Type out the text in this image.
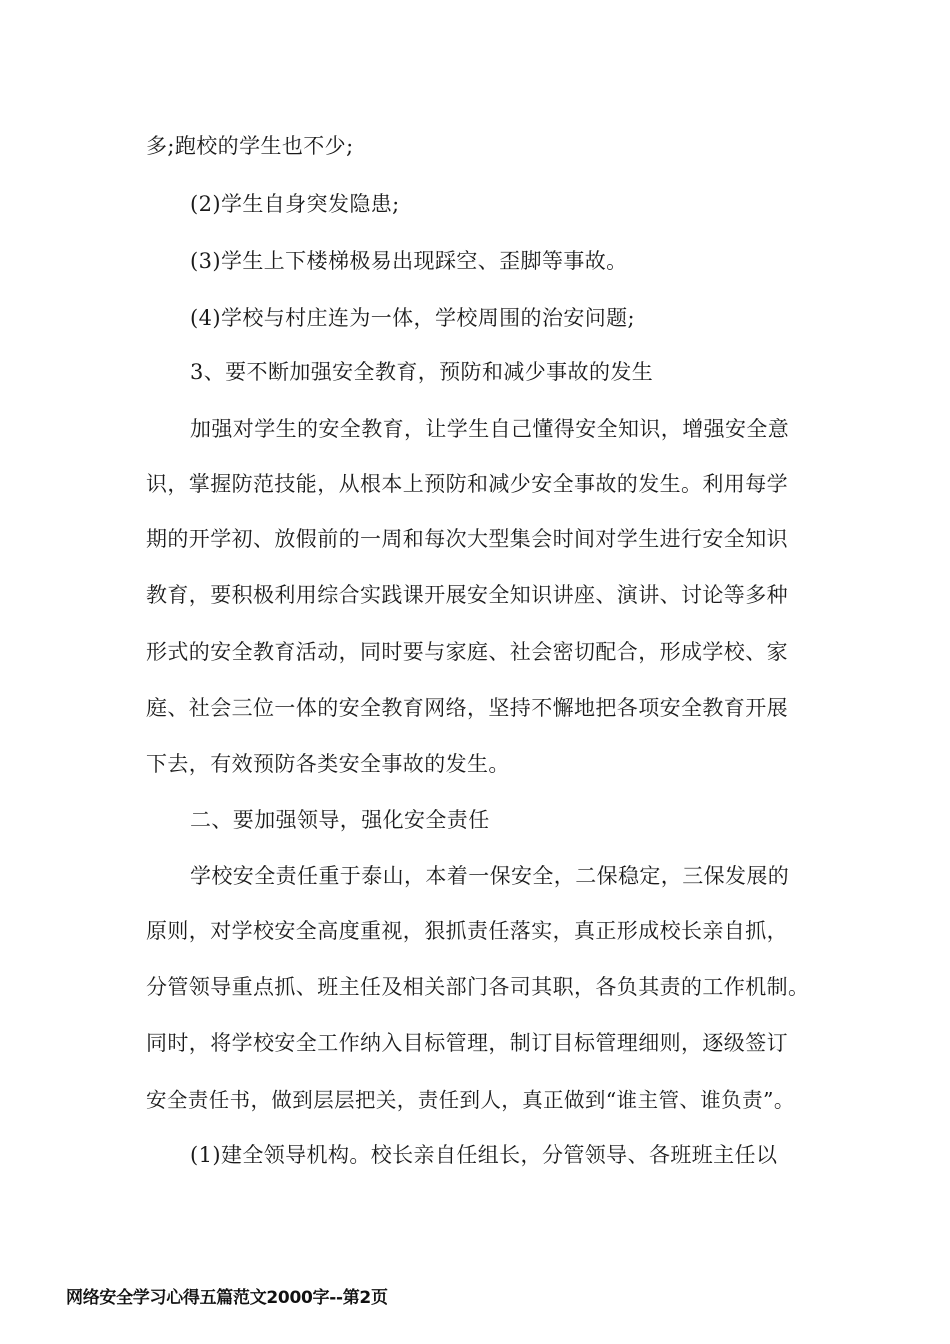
多;跑校的学生也不少;
(2)学生自身突发隐患;
(3)学生上下楼梯极易出现踩空、歪脚等事故。
(4)学校与村庄连为一体，学校周围的治安问题;
3、要不断加强安全教育，预防和减少事故的发生
加强对学生的安全教育，让学生自己懂得安全知识，增强安全意
识，掌握防范技能，从根本上预防和减少安全事故的发生。利用每学
期的开学初、放假前的一周和每次大型集会时间对学生进行安全知识
教育，要积极利用综合实践课开展安全知识讲座、演讲、讨论等多种
形式的安全教育活动，同时要与家庭、社会密切配合，形成学校、家
庭、社会三位一体的安全教育网络，坚持不懈地把各项安全教育开展
下去，有效预防各类安全事故的发生。
二、要加强领导，强化安全责任
学校安全责任重于泰山，本着一保安全，二保稳定，三保发展的
原则，对学校安全高度重视，狠抓责任落实，真正形成校长亲自抓，
分管领导重点抓、班主任及相关部门各司其职，各负其责的工作机制。
同时，将学校安全工作纳入目标管理，制订目标管理细则，逐级签订
安全责任书，做到层层把关，责任到人，真正做到“谁主管、谁负责”。
(1)建全领导机构。校长亲自任组长，分管领导、各班班主任以
网络安全学习心得五篇范文2000字--第2页
